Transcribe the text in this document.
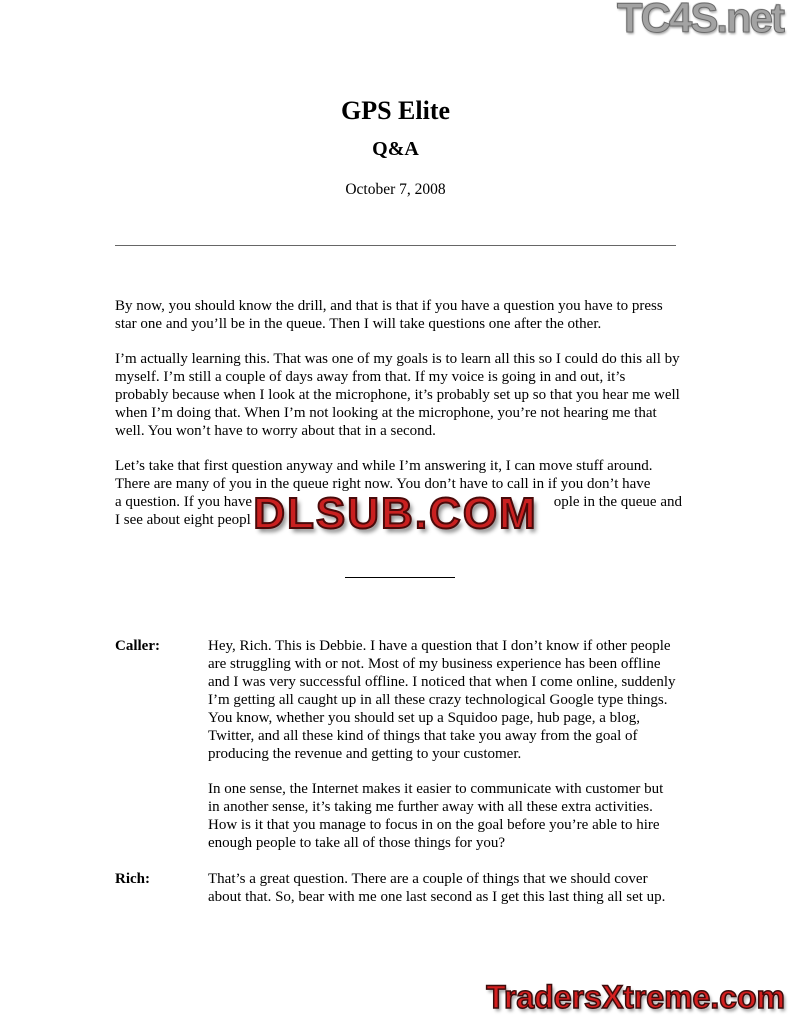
TC4S.net
GPS Elite
Q&A
October 7, 2008

By now, you should know the drill, and that is that if you have a question you have to press star one and you’ll be in the queue. Then I will take questions one after the other.

I’m actually learning this. That was one of my goals is to learn all this so I could do this all by myself. I’m still a couple of days away from that. If my voice is going in and out, it’s probably because when I look at the microphone, it’s probably set up so that you hear me well when I’m doing that. When I’m not looking at the microphone, you’re not hearing me that well. You won’t have to worry about that in a second.

Let’s take that first question anyway and while I’m answering it, I can move stuff around.
There are many of you in the queue right now. You don’t have to call in if you don’t have
a question. If you have	ople in the queue and
I see about eight peopl DLSUB.COM
Caller:	Hey, Rich. This is Debbie. I have a question that I don’t know if other people are struggling with or not. Most of my business experience has been offline and I was very successful offline. I noticed that when I come online, suddenly I’m getting all caught up in all these crazy technological Google type things. You know, whether you should set up a Squidoo page, hub page, a blog, Twitter, and all these kind of things that take you away from the goal of producing the revenue and getting to your customer.

In one sense, the Internet makes it easier to communicate with customer but in another sense, it’s taking me further away with all these extra activities. How is it that you manage to focus in on the goal before you’re able to hire enough people to take all of those things for you?

Rich:	That’s a great question. There are a couple of things that we should cover about that. So, bear with me one last second as I get this last thing all set up.

TradersXtreme.com
